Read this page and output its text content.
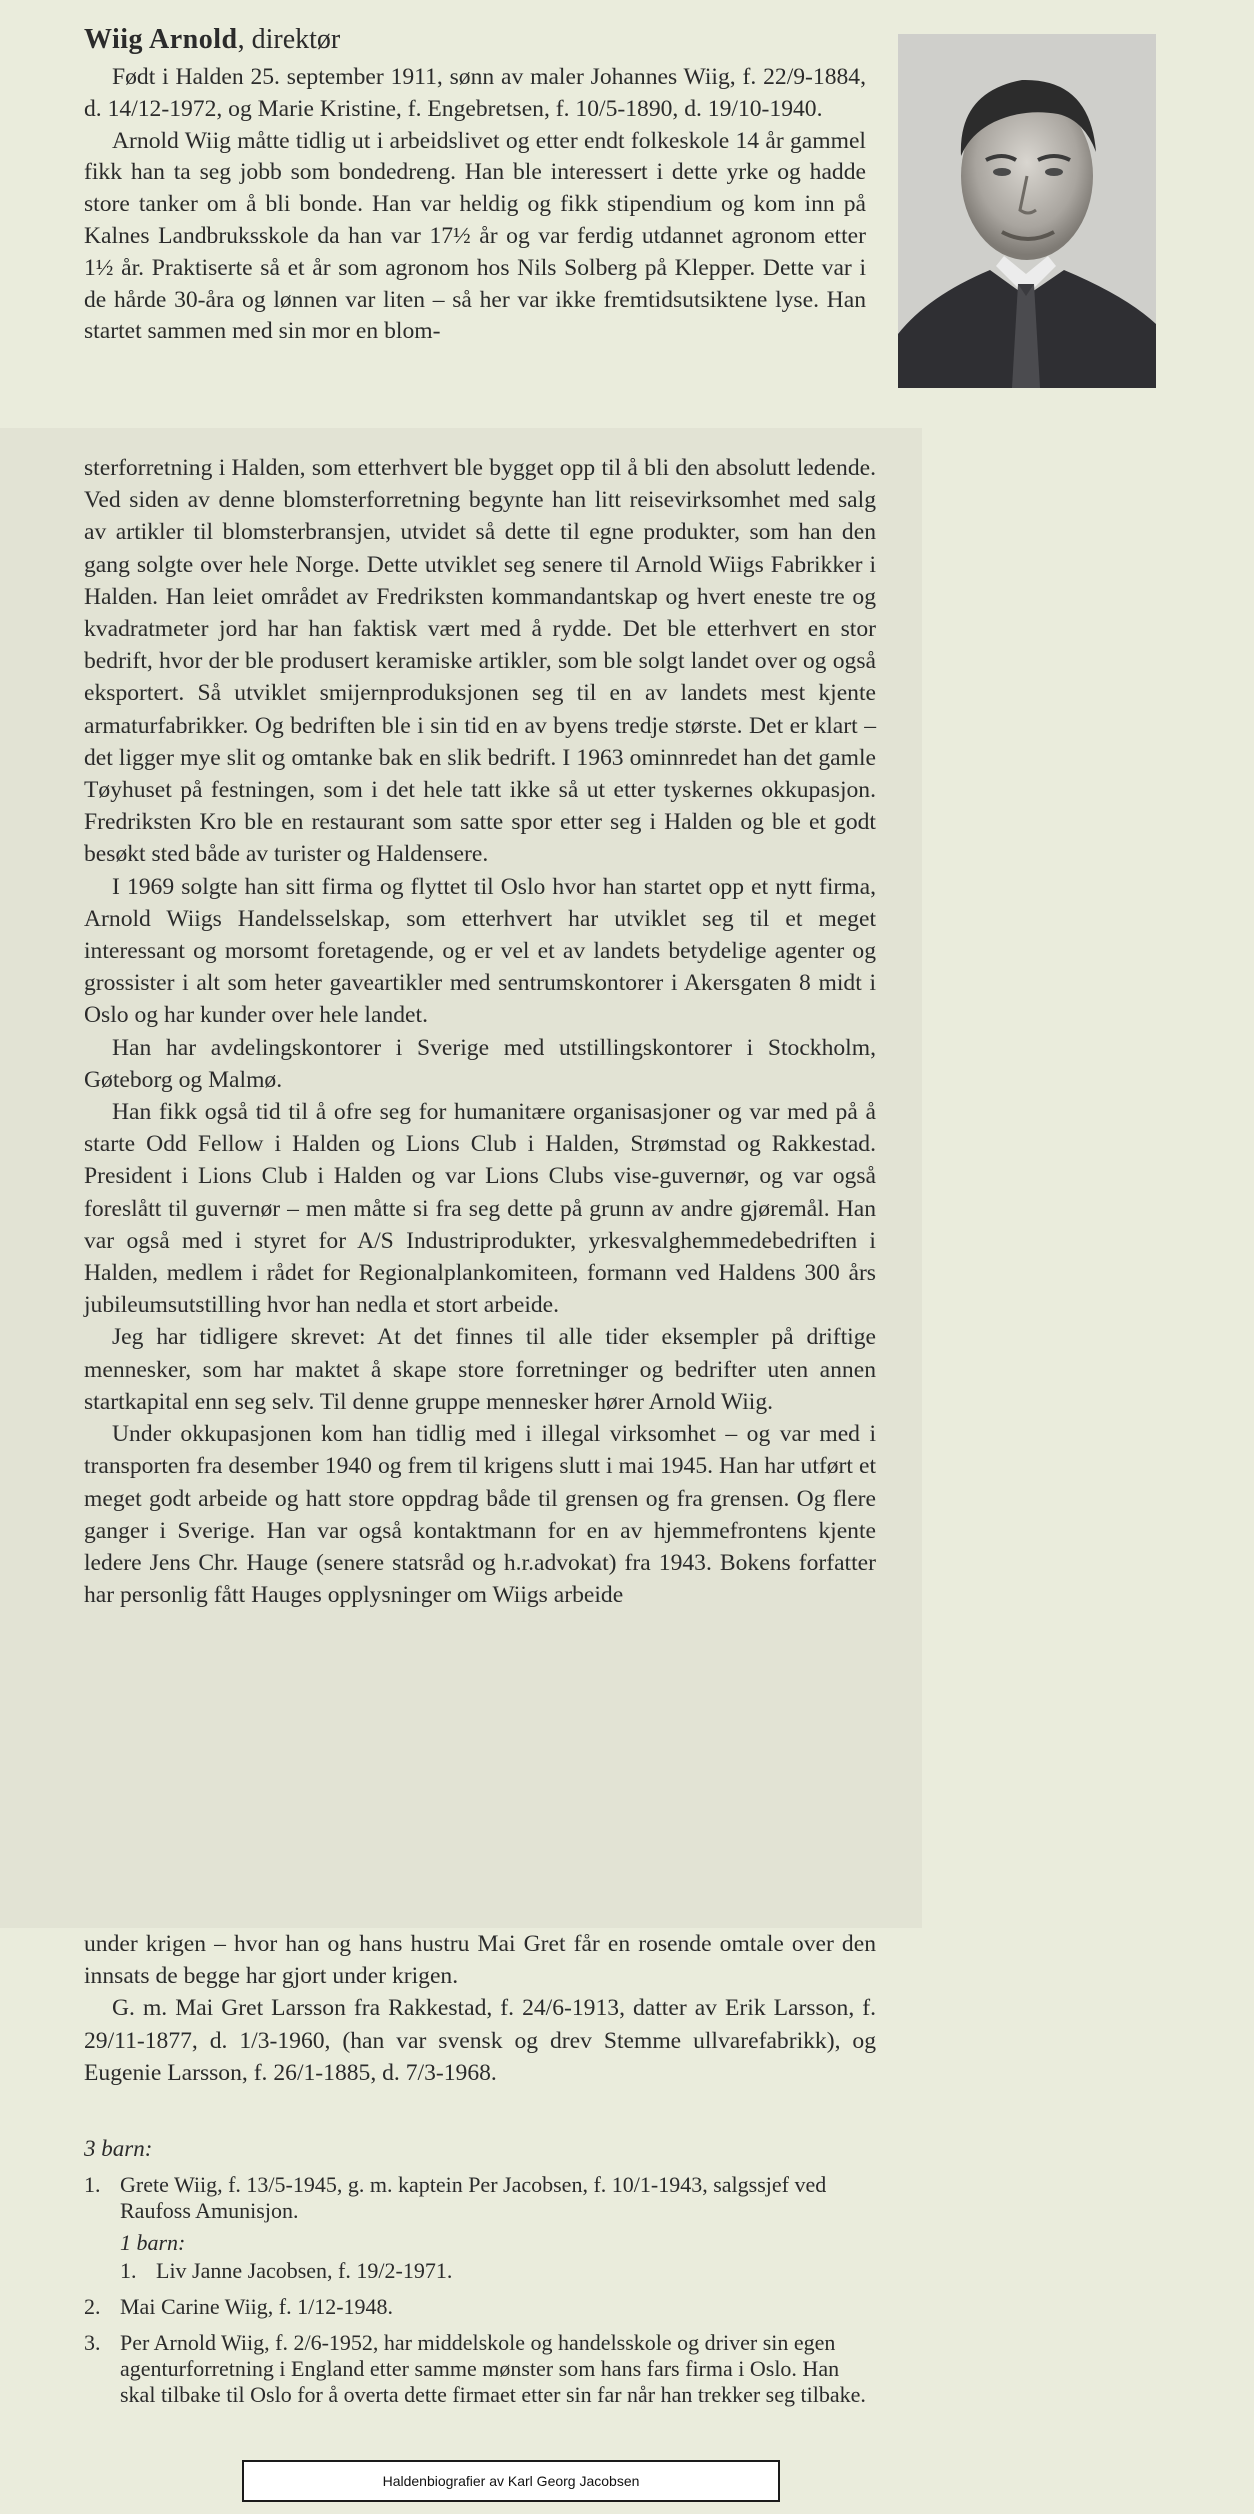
Wiig Arnold, direktør

Født i Halden 25. september 1911, sønn av maler Johannes Wiig, f. 22/9-1884, d. 14/12-1972, og Marie Kristine, f. Engebretsen, f. 10/5-1890, d. 19/10-1940.

Arnold Wiig måtte tidlig ut i arbeidslivet og etter endt folkeskole 14 år gammel fikk han ta seg jobb som bondedreng. Han ble interessert i dette yrke og hadde store tanker om å bli bonde. Han var heldig og fikk stipendium og kom inn på Kalnes Landbruksskole da han var 17½ år og var ferdig utdannet agronom etter 1½ år. Praktiserte så et år som agronom hos Nils Solberg på Klepper. Dette var i de hårde 30-åra og lønnen var liten – så her var ikke fremtidsutsiktene lyse. Han startet sammen med sin mor en blom-

sterforretning i Halden, som etterhvert ble bygget opp til å bli den absolutt ledende. Ved siden av denne blomsterforretning begynte han litt reisevirksomhet med salg av artikler til blomsterbransjen, utvidet så dette til egne produkter, som han den gang solgte over hele Norge. Dette utviklet seg senere til Arnold Wiigs Fabrikker i Halden. Han leiet området av Fredriksten kommandantskap og hvert eneste tre og kvadratmeter jord har han faktisk vært med å rydde. Det ble etterhvert en stor bedrift, hvor der ble produsert keramiske artikler, som ble solgt landet over og også eksportert. Så utviklet smijernproduksjonen seg til en av landets mest kjente armaturfabrikker. Og bedriften ble i sin tid en av byens tredje største. Det er klart – det ligger mye slit og omtanke bak en slik bedrift. I 1963 ominnredet han det gamle Tøyhuset på festningen, som i det hele tatt ikke så ut etter tyskernes okkupasjon. Fredriksten Kro ble en restaurant som satte spor etter seg i Halden og ble et godt besøkt sted både av turister og Haldensere.

I 1969 solgte han sitt firma og flyttet til Oslo hvor han startet opp et nytt firma, Arnold Wiigs Handelsselskap, som etterhvert har utviklet seg til et meget interessant og morsomt foretagende, og er vel et av landets betydelige agenter og grossister i alt som heter gaveartikler med sentrumskontorer i Akersgaten 8 midt i Oslo og har kunder over hele landet.

Han har avdelingskontorer i Sverige med utstillingskontorer i Stockholm, Gøteborg og Malmø.

Han fikk også tid til å ofre seg for humanitære organisasjoner og var med på å starte Odd Fellow i Halden og Lions Club i Halden, Strømstad og Rakkestad. President i Lions Club i Halden og var Lions Clubs vise-guvernør, og var også foreslått til guvernør – men måtte si fra seg dette på grunn av andre gjøremål. Han var også med i styret for A/S Industriprodukter, yrkesvalghemmedebedriften i Halden, medlem i rådet for Regionalplankomiteen, formann ved Haldens 300 års jubileumsutstilling hvor han nedla et stort arbeide.

Jeg har tidligere skrevet: At det finnes til alle tider eksempler på driftige mennesker, som har maktet å skape store forretninger og bedrifter uten annen startkapital enn seg selv. Til denne gruppe mennesker hører Arnold Wiig.

Under okkupasjonen kom han tidlig med i illegal virksomhet – og var med i transporten fra desember 1940 og frem til krigens slutt i mai 1945. Han har utført et meget godt arbeide og hatt store oppdrag både til grensen og fra grensen. Og flere ganger i Sverige. Han var også kontaktmann for en av hjemmefrontens kjente ledere Jens Chr. Hauge (senere statsråd og h.r.advokat) fra 1943. Bokens forfatter har personlig fått Hauges opplysninger om Wiigs arbeide

under krigen – hvor han og hans hustru Mai Gret får en rosende omtale over den innsats de begge har gjort under krigen.

G. m. Mai Gret Larsson fra Rakkestad, f. 24/6-1913, datter av Erik Larsson, f. 29/11-1877, d. 1/3-1960, (han var svensk og drev Stemme ullvarefabrikk), og Eugenie Larsson, f. 26/1-1885, d. 7/3-1968.

3 barn:
1. Grete Wiig, f. 13/5-1945, g. m. kaptein Per Jacobsen, f. 10/1-1943, salgssjef ved Raufoss Amunisjon.
1 barn:
1. Liv Janne Jacobsen, f. 19/2-1971.
2. Mai Carine Wiig, f. 1/12-1948.
3. Per Arnold Wiig, f. 2/6-1952, har middelskole og handelsskole og driver sin egen agenturforretning i England etter samme mønster som hans fars firma i Oslo. Han skal tilbake til Oslo for å overta dette firmaet etter sin far når han trekker seg tilbake.
Haldenbiografier av Karl Georg Jacobsen
